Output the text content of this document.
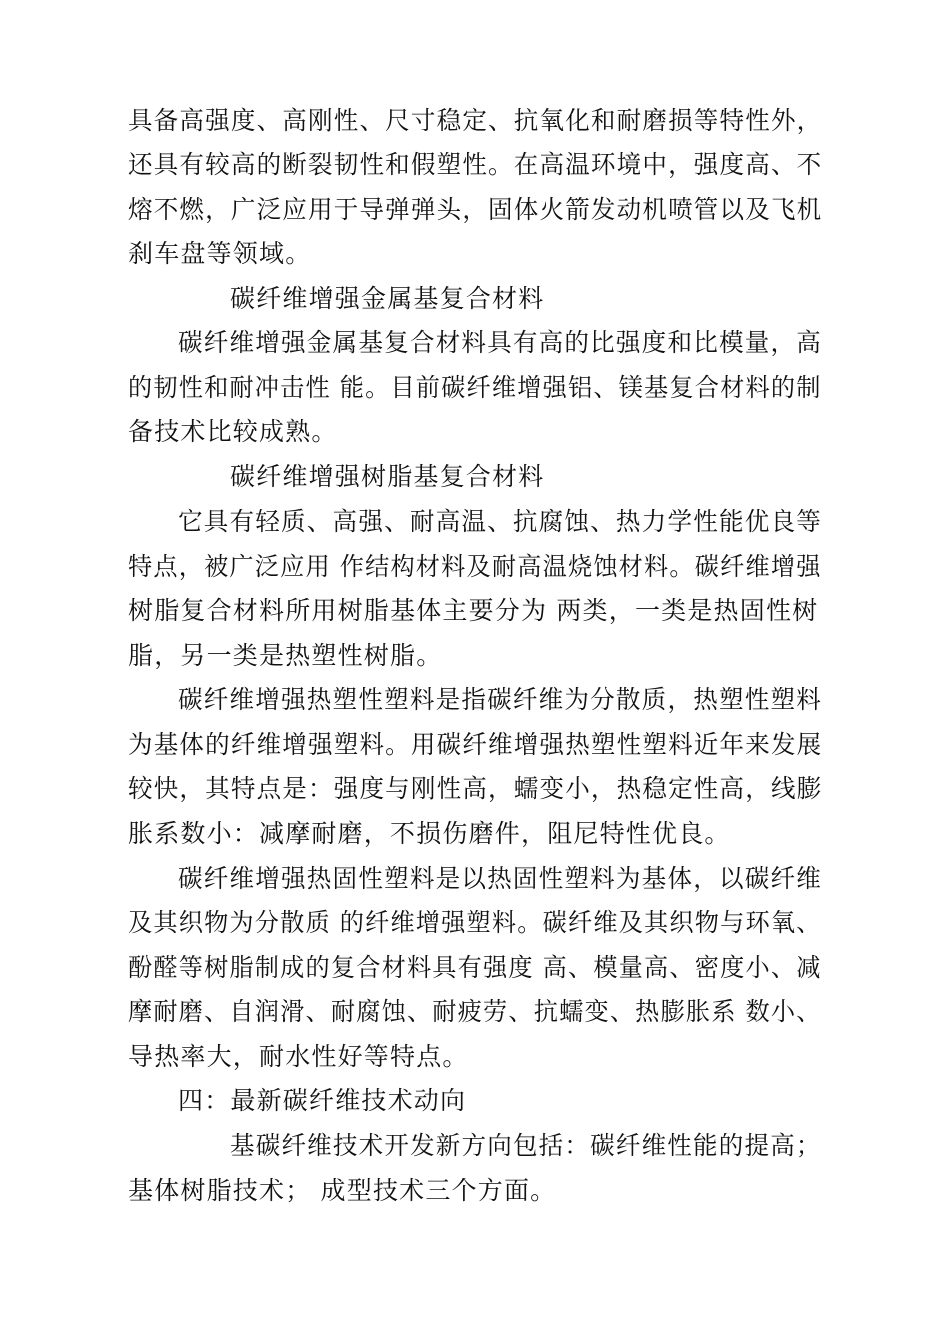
具备高强度、高刚性、尺寸稳定、抗氧化和耐磨损等特性外，
还具有较高的断裂韧性和假塑性。在高温环境中，强度高、不
熔不燃，广泛应用于导弹弹头，固体火箭发动机喷管以及飞机
刹车盘等领域。
碳纤维增强金属基复合材料
碳纤维增强金属基复合材料具有高的比强度和比模量，高
的韧性和耐冲击性 能。目前碳纤维增强铝、镁基复合材料的制
备技术比较成熟。
碳纤维增强树脂基复合材料
它具有轻质、高强、耐高温、抗腐蚀、热力学性能优良等
特点，被广泛应用 作结构材料及耐高温烧蚀材料。碳纤维增强
树脂复合材料所用树脂基体主要分为 两类，一类是热固性树
脂，另一类是热塑性树脂。
碳纤维增强热塑性塑料是指碳纤维为分散质，热塑性塑料
为基体的纤维增强塑料。用碳纤维增强热塑性塑料近年来发展
较快，其特点是：强度与刚性高，蠕变小，热稳定性高，线膨
胀系数小：减摩耐磨，不损伤磨件，阻尼特性优良。
碳纤维增强热固性塑料是以热固性塑料为基体，以碳纤维
及其织物为分散质 的纤维增强塑料。碳纤维及其织物与环氧、
酚醛等树脂制成的复合材料具有强度 高、模量高、密度小、减
摩耐磨、自润滑、耐腐蚀、耐疲劳、抗蠕变、热膨胀系 数小、
导热率大，耐水性好等特点。
四：最新碳纤维技术动向
基碳纤维技术开发新方向包括：碳纤维性能的提高；
基体树脂技术； 成型技术三个方面。
